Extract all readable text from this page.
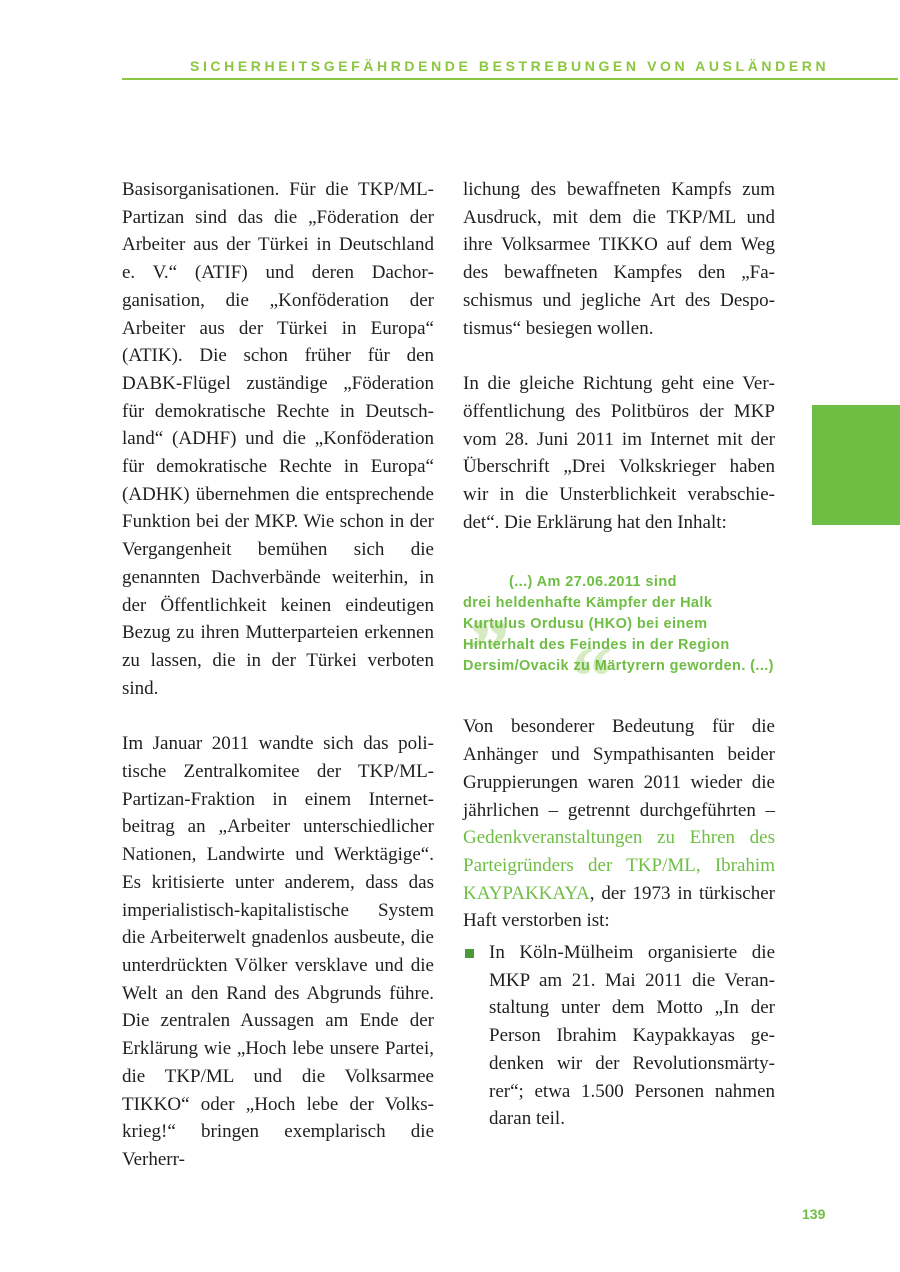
SICHERHEITSGEFÄHRDENDE BESTREBUNGEN VON AUSLÄNDERN

Basisorganisationen. Für die TKP/ML-Partizan sind das die „Föderation der Arbeiter aus der Türkei in Deutschland e. V.“ (ATIF) und deren Dachorganisation, die „Konföderation der Arbeiter aus der Türkei in Europa“ (ATIK). Die schon früher für den DABK-Flügel zuständige „Föderation für demokratische Rechte in Deutschland“ (ADHF) und die „Konföderation für demokratische Rechte in Europa“ (ADHK) übernehmen die entsprechende Funktion bei der MKP. Wie schon in der Vergangenheit bemühen sich die genannten Dachverbände weiterhin, in der Öffentlichkeit keinen eindeutigen Bezug zu ihren Mutterparteien erkennen zu lassen, die in der Türkei verboten sind.

Im Januar 2011 wandte sich das politische Zentralkomitee der TKP/ML-Partizan-Fraktion in einem Internetbeitrag an „Arbeiter unterschiedlicher Nationen, Landwirte und Werktägige“. Es kritisierte unter anderem, dass das imperialistisch-kapitalistische System die Arbeiterwelt gnadenlos ausbeute, die unterdrückten Völker versklave und die Welt an den Rand des Abgrunds führe. Die zentralen Aussagen am Ende der Erklärung wie „Hoch lebe unsere Partei, die TKP/ML und die Volksarmee TIKKO“ oder „Hoch lebe der Volkskrieg!“ bringen exemplarisch die Verherr-

lichung des bewaffneten Kampfs zum Ausdruck, mit dem die TKP/ML und ihre Volksarmee TIKKO auf dem Weg des bewaffneten Kampfes den „Faschismus und jegliche Art des Despotismus“ besiegen wollen.

In die gleiche Richtung geht eine Veröffentlichung des Politbüros der MKP vom 28. Juni 2011 im Internet mit der Überschrift „Drei Volkskrieger haben wir in die Unsterblichkeit verabschiedet“. Die Erklärung hat den Inhalt:

„
“
(...) Am 27.06.2011 sind
drei heldenhafte Kämpfer der Halk Kurtulus Ordusu (HKO) bei einem Hinterhalt des Feindes in der Region Dersim/Ovacik zu Märtyrern geworden. (...)

Von besonderer Bedeutung für die Anhänger und Sympathisanten beider Gruppierungen waren 2011 wieder die jährlichen – getrennt durchgeführten – Gedenkveranstaltungen zu Ehren des Parteigründers der TKP/ML, Ibrahim KAYPAKKAYA, der 1973 in türkischer Haft verstorben ist:

In Köln-Mülheim organisierte die MKP am 21. Mai 2011 die Veranstaltung unter dem Motto „In der Person Ibrahim Kaypakkayas gedenken wir der Revolutionsmärtyrer“; etwa 1.500 Personen nahmen daran teil.
139
